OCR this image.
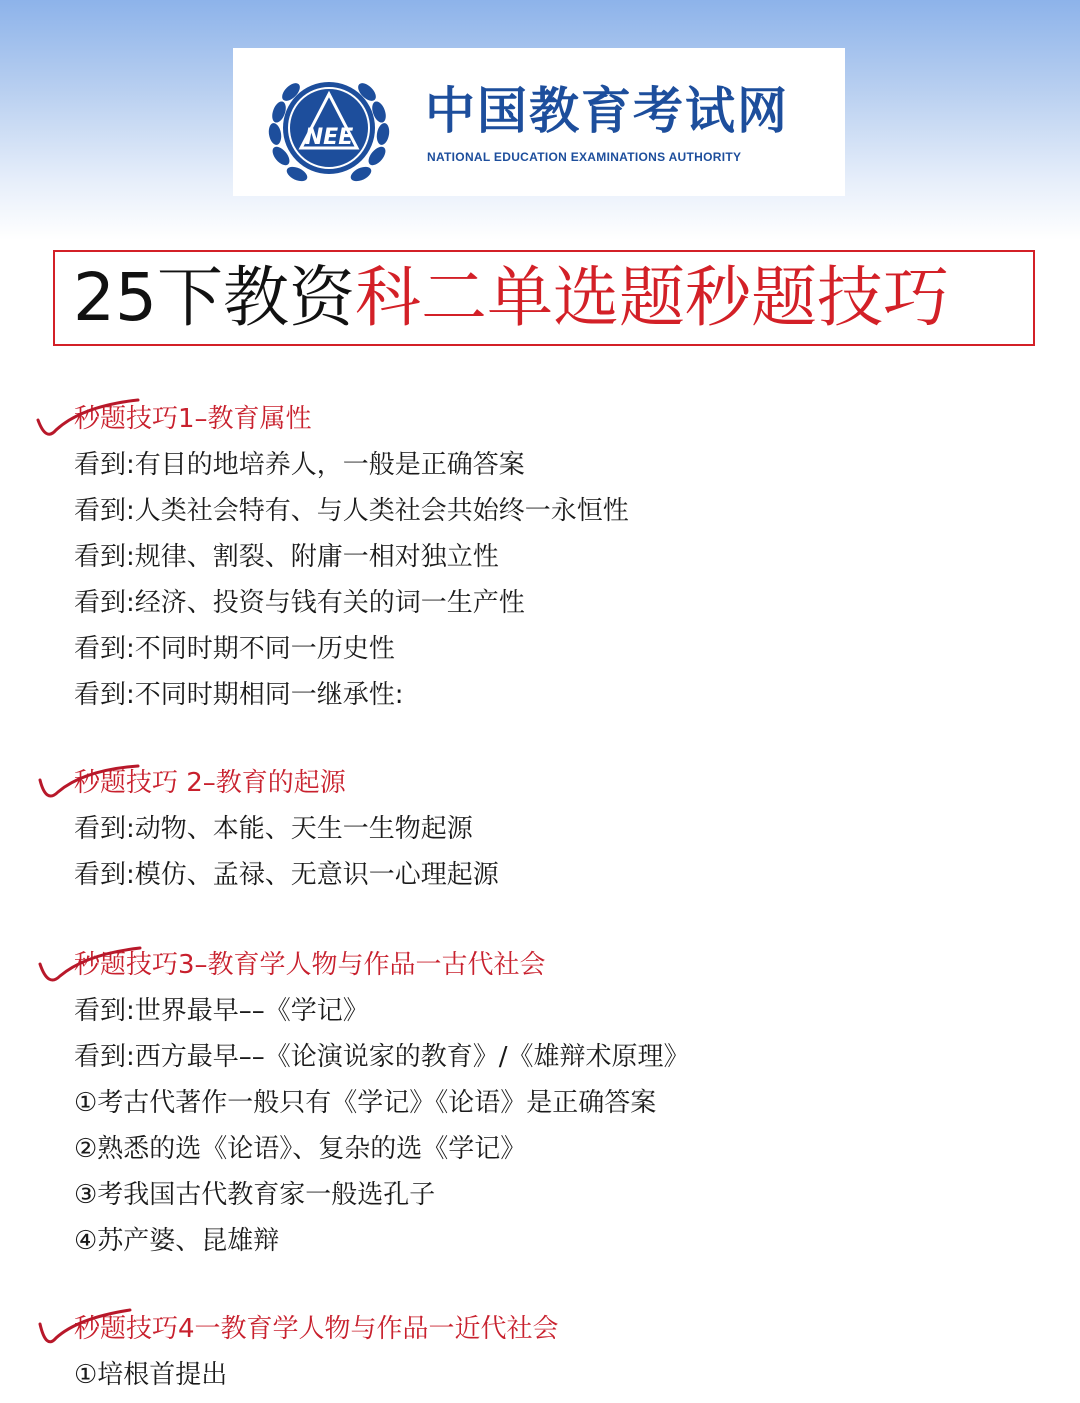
NEE 中国教育考试网
NATIONAL EDUCATION EXAMINATIONS AUTHORITY
25下教资 科二单选题秒题技巧
秒题技巧1–教育属性
看到:有目的地培养人，一般是正确答案
看到:人类社会特有、与人类社会共始终一永恒性
看到:规律、割裂、附庸一相对独立性
看到:经济、投资与钱有关的词一生产性
看到:不同时期不同一历史性
看到:不同时期相同一继承性:
秒题技巧 2–教育的起源
看到:动物、本能、天生一生物起源
看到:模仿、孟禄、无意识一心理起源
秒题技巧3–教育学人物与作品一古代社会
看到:世界最早––《学记》
看到:西方最早––《论演说家的教育》/《雄辩术原理》
①考古代著作一般只有《学记》《论语》是正确答案
②熟悉的选《论语》、复杂的选《学记》
③考我国古代教育家一般选孔子
④苏产婆、昆雄辩
秒题技巧4一教育学人物与作品一近代社会
①培根首提出
